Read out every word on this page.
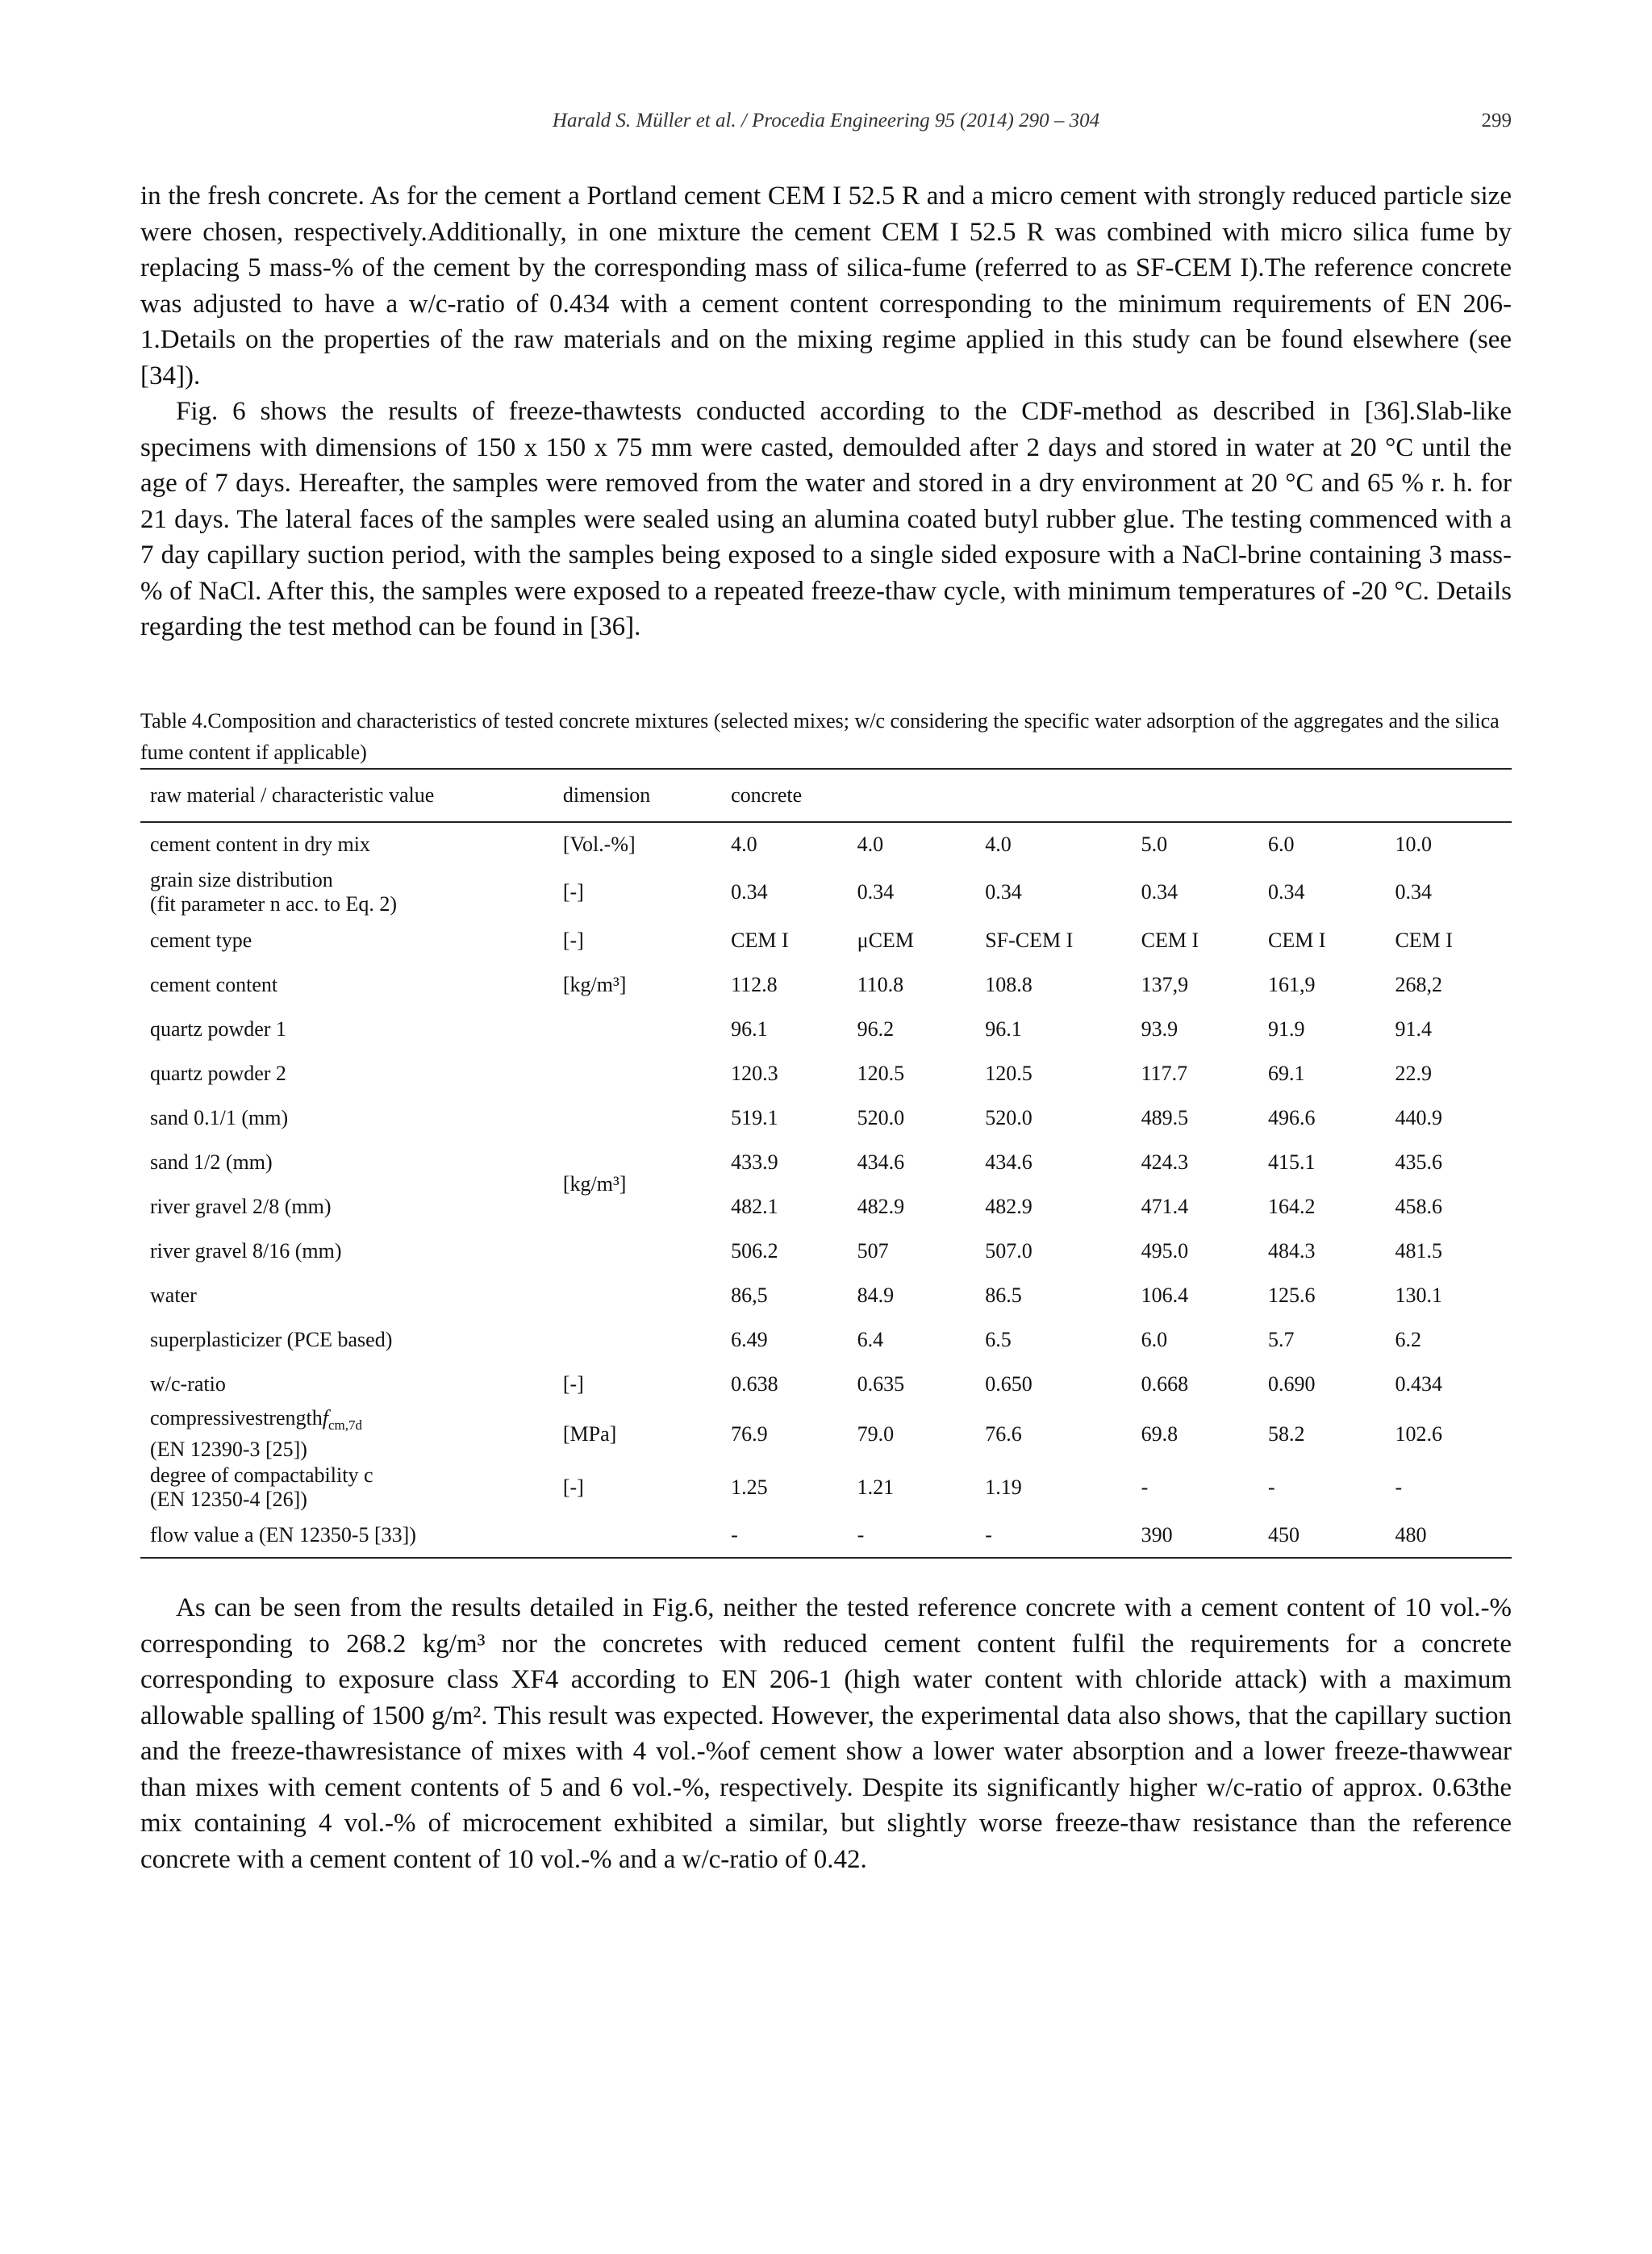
Harald S. Müller et al. / Procedia Engineering 95 (2014) 290 – 304	299

in the fresh concrete. As for the cement a Portland cement CEM I 52.5 R and a micro cement with strongly reduced particle size were chosen, respectively.Additionally, in one mixture the cement CEM I 52.5 R was combined with micro silica fume by replacing 5 mass-% of the cement by the corresponding mass of silica-fume (referred to as SF-CEM I).The reference concrete was adjusted to have a w/c-ratio of 0.434 with a cement content corresponding to the minimum requirements of EN 206-1.Details on the properties of the raw materials and on the mixing regime applied in this study can be found elsewhere (see [34]).

Fig. 6 shows the results of freeze-thawtests conducted according to the CDF-method as described in [36].Slab-like specimens with dimensions of 150 x 150 x 75 mm were casted, demoulded after 2 days and stored in water at 20 °C until the age of 7 days. Hereafter, the samples were removed from the water and stored in a dry environment at 20 °C and 65 % r. h. for 21 days. The lateral faces of the samples were sealed using an alumina coated butyl rubber glue. The testing commenced with a 7 day capillary suction period, with the samples being exposed to a single sided exposure with a NaCl-brine containing 3 mass-% of NaCl. After this, the samples were exposed to a repeated freeze-thaw cycle, with minimum temperatures of -20 °C. Details regarding the test method can be found in [36].

Table 4.Composition and characteristics of tested concrete mixtures (selected mixes; w/c considering the specific water adsorption of the aggregates and the silica fume content if applicable)
raw material / characteristic value	dimension	concrete					
cement content in dry mix	[Vol.-%]	4.0	4.0	4.0	5.0	6.0	10.0
grain size distribution
(fit parameter n acc. to Eq. 2)	[-]	0.34	0.34	0.34	0.34	0.34	0.34
cement type	[-]	CEM I	μCEM	SF-CEM I	CEM I	CEM I	CEM I
cement content	[kg/m³]	112.8	110.8	108.8	137,9	161,9	268,2
quartz powder 1	[kg/m³]	96.1	96.2	96.1	93.9	91.9	91.4
quartz powder 2		120.3	120.5	120.5	117.7	69.1	22.9
sand 0.1/1 (mm)		519.1	520.0	520.0	489.5	496.6	440.9
sand 1/2 (mm)		433.9	434.6	434.6	424.3	415.1	435.6
river gravel 2/8 (mm)		482.1	482.9	482.9	471.4	164.2	458.6
river gravel 8/16 (mm)		506.2	507	507.0	495.0	484.3	481.5
water		86,5	84.9	86.5	106.4	125.6	130.1
superplasticizer (PCE based)		6.49	6.4	6.5	6.0	5.7	6.2
w/c-ratio	[-]	0.638	0.635	0.650	0.668	0.690	0.434
compressivestrengthf$_{cm,7d}$
(EN 12390-3 [25])	[MPa]	76.9	79.0	76.6	69.8	58.2	102.6
degree of compactability c
(EN 12350-4 [26])	[-]	1.25	1.21	1.19	-	-	-
flow value a (EN 12350-5 [33])		-	-	-	390	450	480

As can be seen from the results detailed in Fig.6, neither the tested reference concrete with a cement content of 10 vol.-% corresponding to 268.2 kg/m³ nor the concretes with reduced cement content fulfil the requirements for a concrete corresponding to exposure class XF4 according to EN 206-1 (high water content with chloride attack) with a maximum allowable spalling of 1500 g/m². This result was expected. However, the experimental data also shows, that the capillary suction and the freeze-thawresistance of mixes with 4 vol.-%of cement show a lower water absorption and a lower freeze-thawwear than mixes with cement contents of 5 and 6 vol.-%, respectively. Despite its significantly higher w/c-ratio of approx. 0.63the mix containing 4 vol.-% of microcement exhibited a similar, but slightly worse freeze-thaw resistance than the reference concrete with a cement content of 10 vol.-% and a w/c-ratio of 0.42.
